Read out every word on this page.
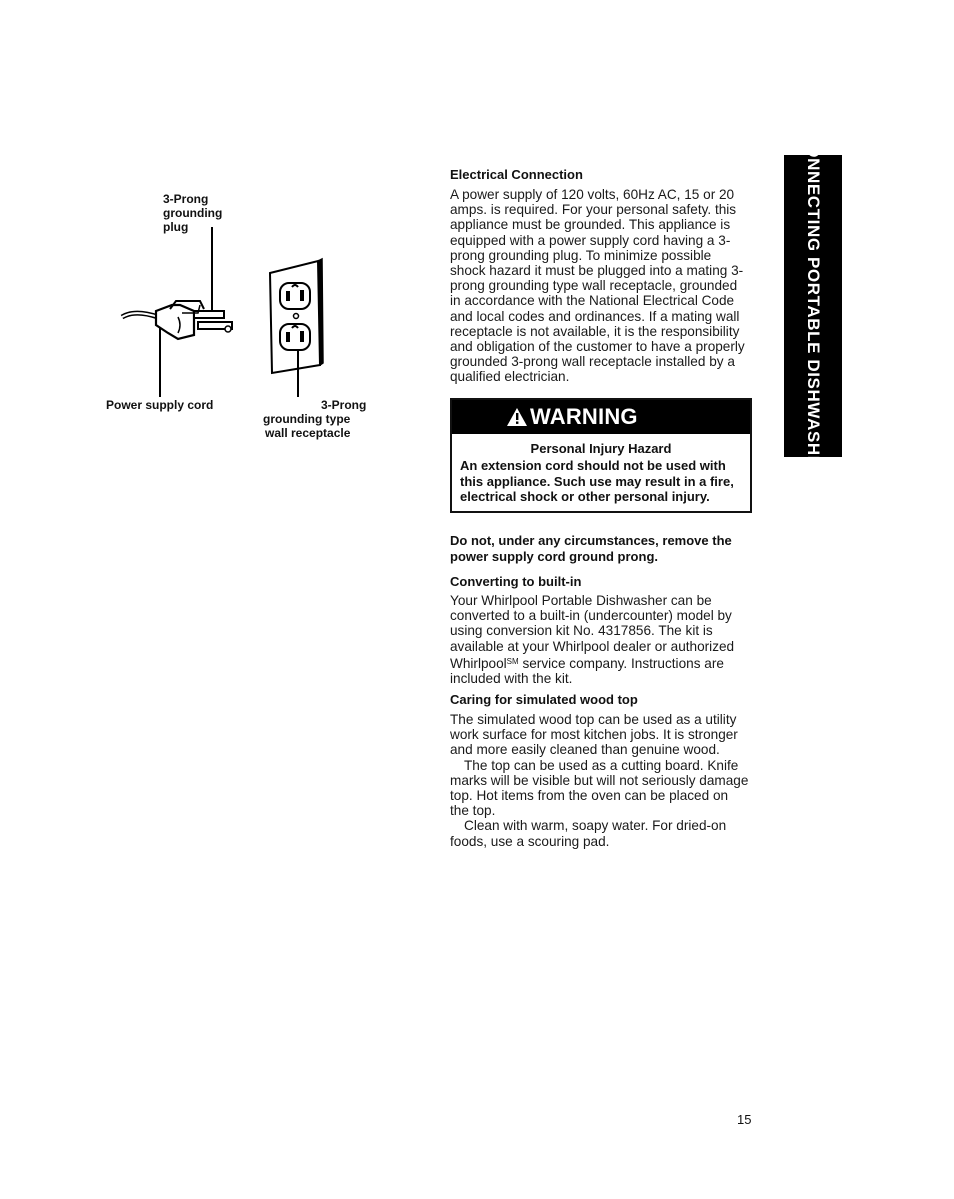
3-Prong
grounding
plug
Power supply cord	3-Prong
grounding type
wall receptacle
Electrical Connection
A power supply of 120 volts, 60Hz AC, 15 or 20 amps. is required. For your personal safety. this appliance must be grounded. This appliance is equipped with a power supply cord having a 3-prong grounding plug. To minimize possible shock hazard it must be plugged into a mating 3-prong grounding type wall receptacle, grounded in accordance with the National Electrical Code and local codes and ordinances. If a mating wall receptacle is not available, it is the responsibility and obligation of the customer to have a properly grounded 3-prong wall receptacle installed by a qualified electrician.
WARNING
Personal Injury Hazard
An extension cord should not be used with this appliance. Such use may result in a fire, electrical shock or other personal injury.
Do not, under any circumstances, remove the power supply cord ground prong.
Converting to built-in
Your Whirlpool Portable Dishwasher can be converted to a built-in (undercounter) model by using conversion kit No. 4317856. The kit is available at your Whirlpool dealer or authorized Whirlpool℠ service company. Instructions are included with the kit.
Caring for simulated wood top

The simulated wood top can be used as a utility work surface for most kitchen jobs. It is stronger and more easily cleaned than genuine wood.

The top can be used as a cutting board. Knife marks will be visible but will not seriously damage top. Hot items from the oven can be placed on the top.

Clean with warm, soapy water. For dried-on foods, use a scouring pad.

CONNECTING PORTABLE DISHWASHER
15
